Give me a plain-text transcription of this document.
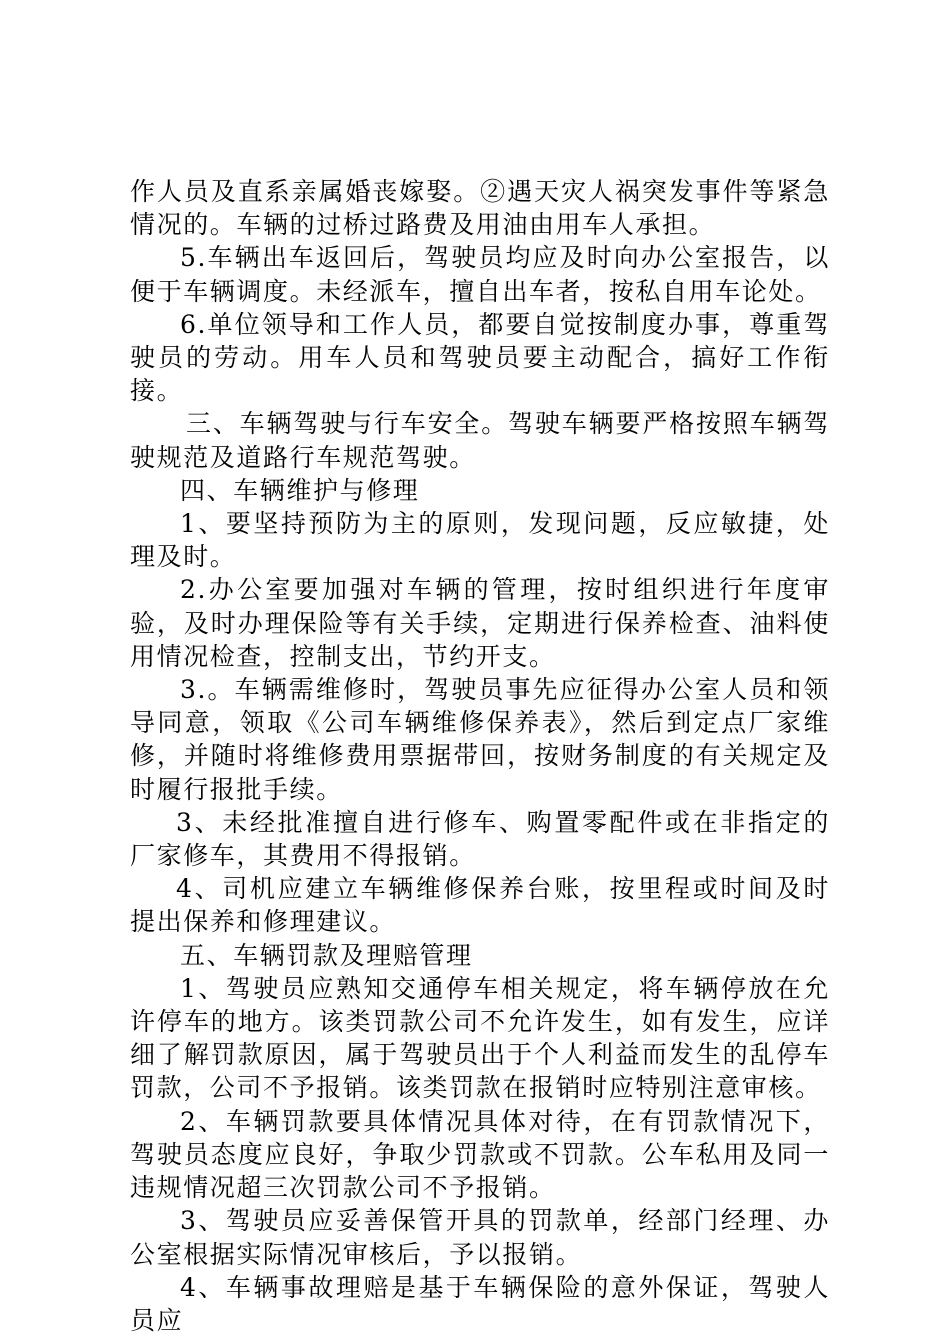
作人员及直系亲属婚丧嫁娶。②遇天灾人祸突发事件等紧急情况的。车辆的过桥过路费及用油由用车人承担。

5.车辆出车返回后，驾驶员均应及时向办公室报告，以便于车辆调度。未经派车，擅自出车者，按私自用车论处。

6.单位领导和工作人员，都要自觉按制度办事，尊重驾驶员的劳动。用车人员和驾驶员要主动配合，搞好工作衔接。

三、车辆驾驶与行车安全。驾驶车辆要严格按照车辆驾驶规范及道路行车规范驾驶。

四、车辆维护与修理

1、要坚持预防为主的原则，发现问题，反应敏捷，处理及时。

2.办公室要加强对车辆的管理，按时组织进行年度审验，及时办理保险等有关手续，定期进行保养检查、油料使用情况检查，控制支出，节约开支。

3.。车辆需维修时，驾驶员事先应征得办公室人员和领导同意，领取《公司车辆维修保养表》，然后到定点厂家维修，并随时将维修费用票据带回，按财务制度的有关规定及时履行报批手续。

3、未经批准擅自进行修车、购置零配件或在非指定的厂家修车，其费用不得报销。

4、司机应建立车辆维修保养台账，按里程或时间及时提出保养和修理建议。

五、车辆罚款及理赔管理

1、驾驶员应熟知交通停车相关规定，将车辆停放在允许停车的地方。该类罚款公司不允许发生，如有发生，应详细了解罚款原因，属于驾驶员出于个人利益而发生的乱停车罚款，公司不予报销。该类罚款在报销时应特别注意审核。

2、车辆罚款要具体情况具体对待，在有罚款情况下，驾驶员态度应良好，争取少罚款或不罚款。公车私用及同一违规情况超三次罚款公司不予报销。

3、驾驶员应妥善保管开具的罚款单，经部门经理、办公室根据实际情况审核后，予以报销。

4、车辆事故理赔是基于车辆保险的意外保证，驾驶人员应
